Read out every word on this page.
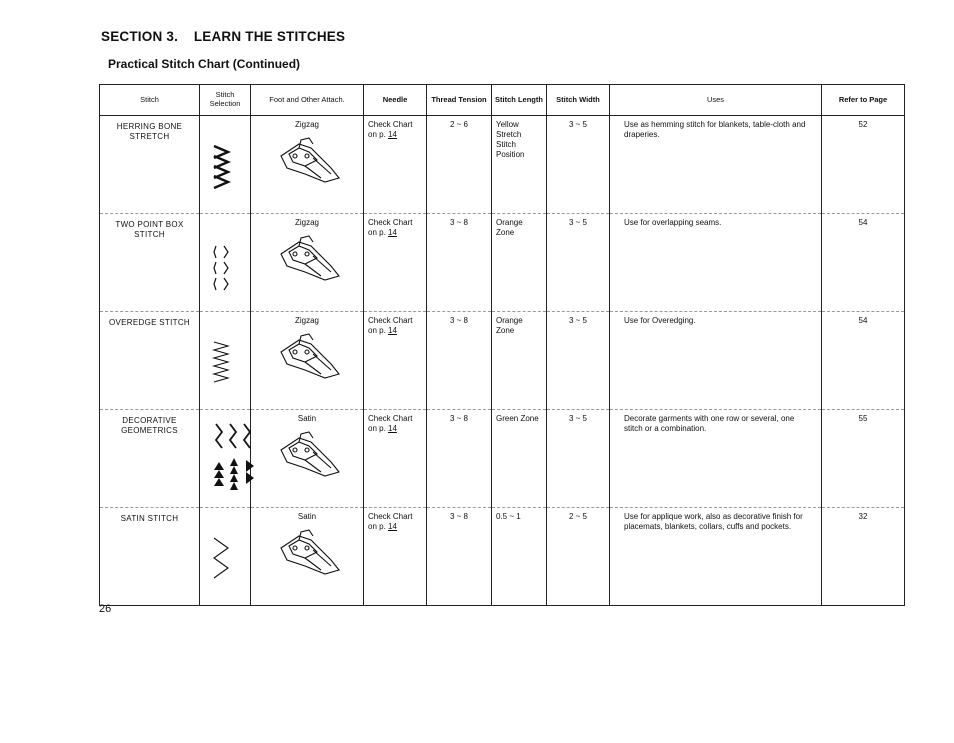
SECTION 3.    LEARN THE STITCHES
Practical Stitch Chart (Continued)
Stitch	Stitch Selection	Foot and Other Attach.	Needle	Thread Tension	Stitch Length	Stitch Width	Uses	Refer to Page
HERRING BONE STRETCH		Zigzag	Check Chart on p. 14	2 ~ 6	Yellow Stretch Stitch Position	3 ~ 5	Use as hemming stitch for blankets, table-cloth and draperies.	52
TWO POINT BOX STITCH		Zigzag	Check Chart on p. 14	3 ~ 8	Orange Zone	3 ~ 5	Use for overlapping seams.	54
OVEREDGE STITCH		Zigzag	Check Chart on p. 14	3 ~ 8	Orange Zone	3 ~ 5	Use for Overedging.	54
DECORATIVE GEOMETRICS		Satin	Check Chart on p. 14	3 ~ 8	Green Zone	3 ~ 5	Decorate garments with one row or several, one stitch or a combination.	55
SATIN STITCH		Satin	Check Chart on p. 14	3 ~ 8	0.5 ~ 1	2 ~ 5	Use for applique work, also as decorative finish for placemats, blankets, collars, cuffs and pockets.	32
26
